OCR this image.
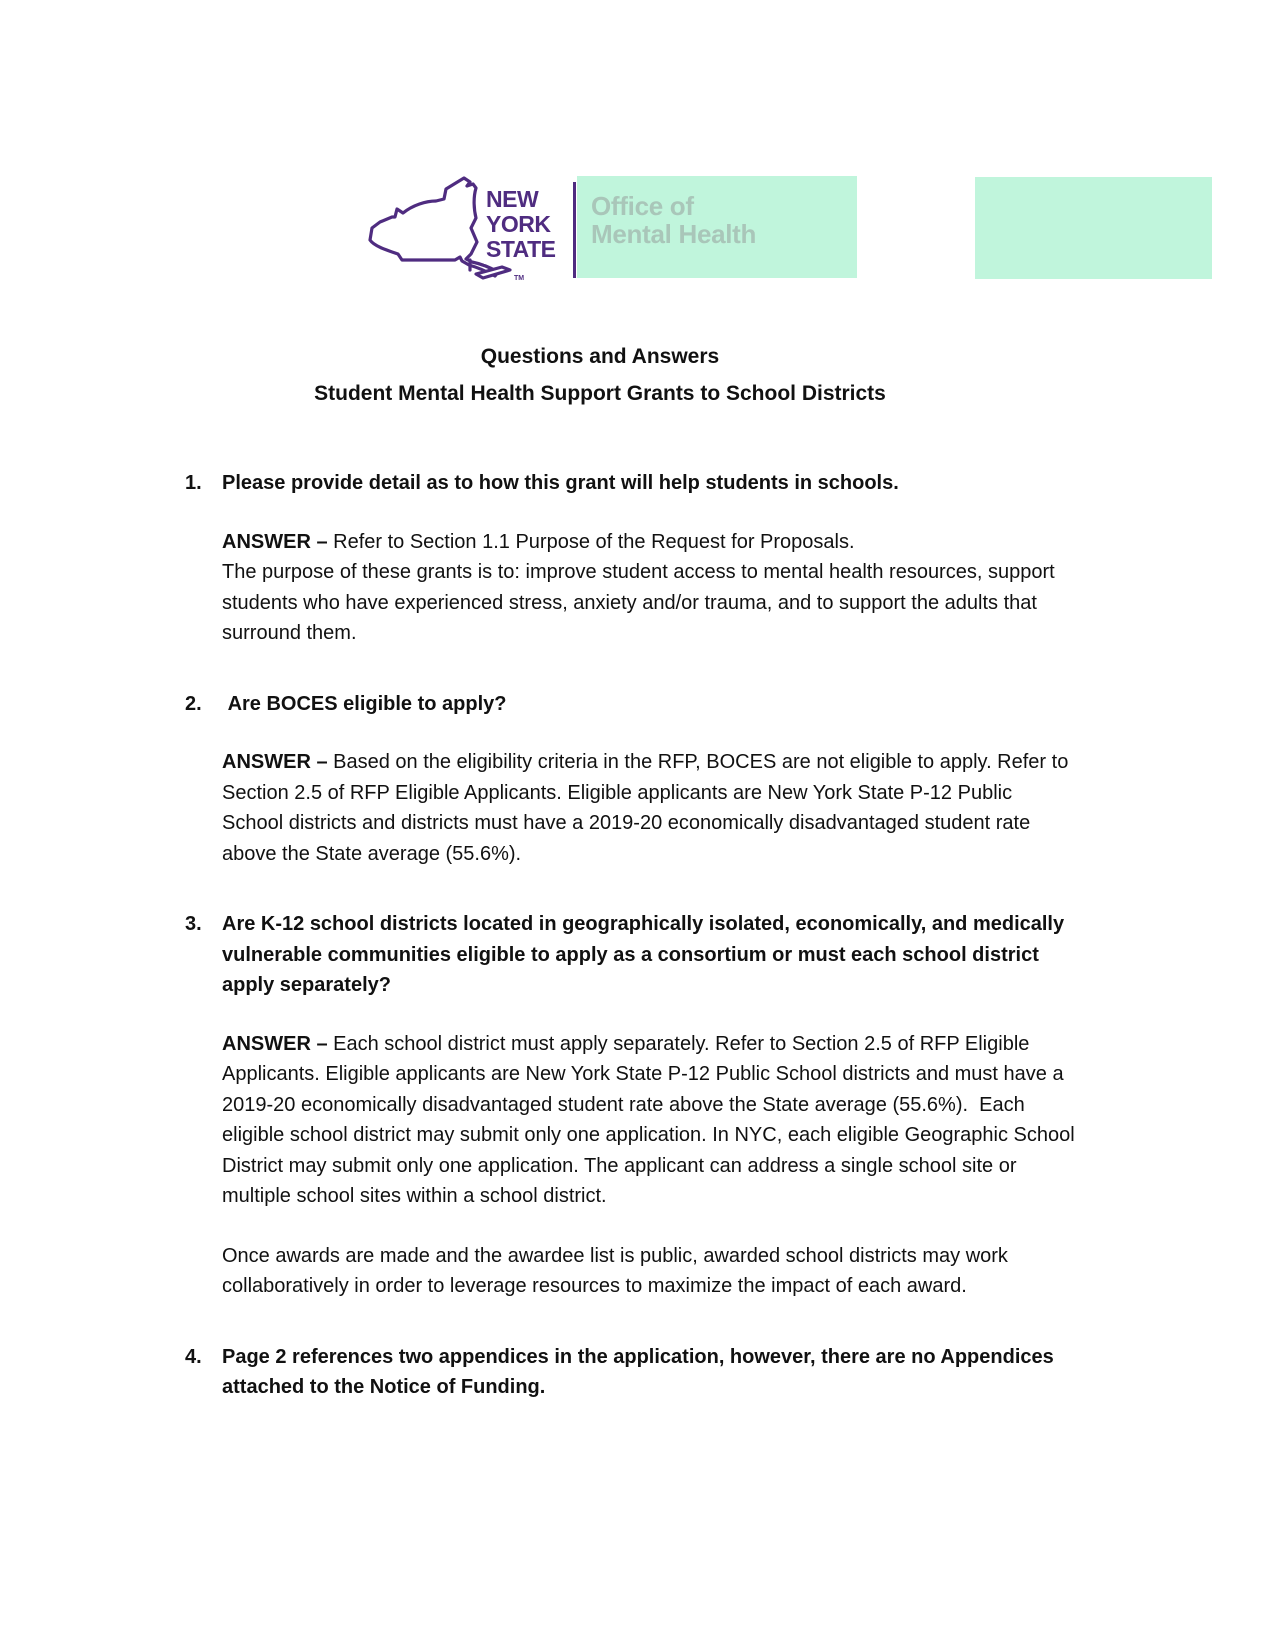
TM
NEW
YORK
STATE
Office of
Mental Health
Questions and Answers
Student Mental Health Support Grants to School Districts
1.	Please provide detail as to how this grant will help students in schools.
ANSWER – Refer to Section 1.1 Purpose of the Request for Proposals.
The purpose of these grants is to: improve student access to mental health resources, support students who have experienced stress, anxiety and/or trauma, and to support the adults that surround them.
2.	Are BOCES eligible to apply?
ANSWER – Based on the eligibility criteria in the RFP, BOCES are not eligible to apply. Refer to Section 2.5 of RFP Eligible Applicants. Eligible applicants are New York State P-12 Public School districts and districts must have a 2019-20 economically disadvantaged student rate above the State average (55.6%).
3.	Are K-12 school districts located in geographically isolated, economically, and medically vulnerable communities eligible to apply as a consortium or must each school district apply separately?
ANSWER – Each school district must apply separately. Refer to Section 2.5 of RFP Eligible Applicants. Eligible applicants are New York State P-12 Public School districts and must have a 2019-20 economically disadvantaged student rate above the State average (55.6%).  Each eligible school district may submit only one application. In NYC, each eligible Geographic School District may submit only one application. The applicant can address a single school site or multiple school sites within a school district.
Once awards are made and the awardee list is public, awarded school districts may work collaboratively in order to leverage resources to maximize the impact of each award.
4.	Page 2 references two appendices in the application, however, there are no Appendices attached to the Notice of Funding.
